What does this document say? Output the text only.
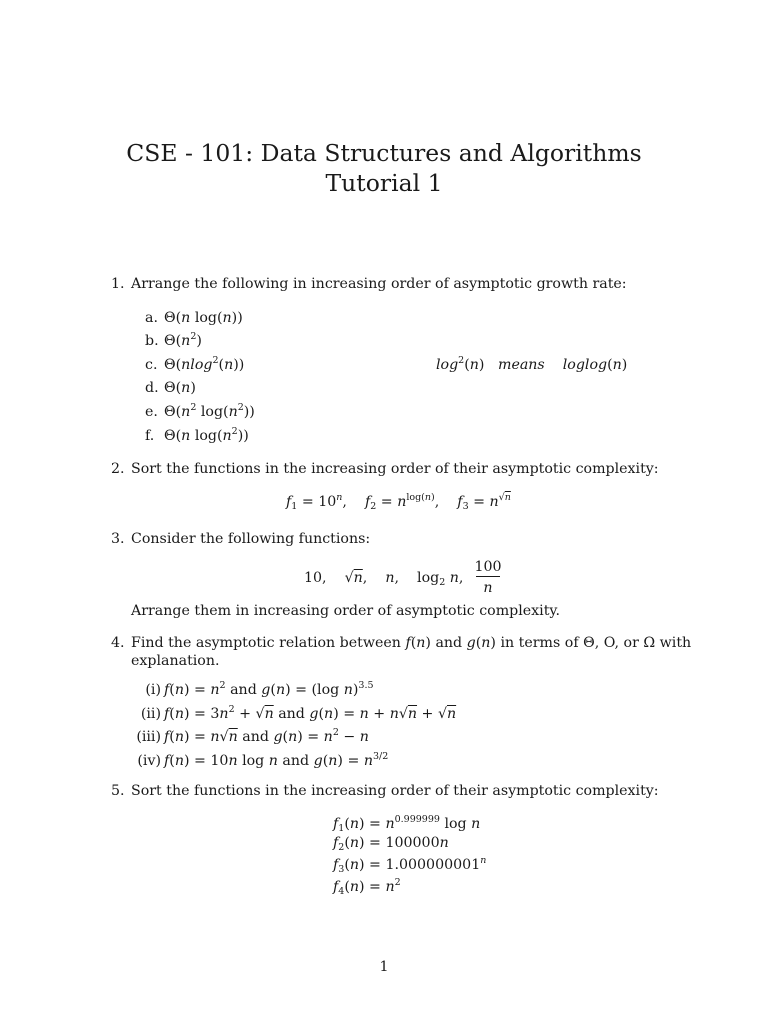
CSE - 101: Data Structures and Algorithms
Tutorial 1
1. Arrange the following in increasing order of asymptotic growth rate:
a. Θ(n log(n))
b. $\Theta(n^2)$
c. Θ(nlog$^2$(n))	$\log^2(n)$   means loglog(n)
d. Θ(n)
e. $\Theta(n^2$ $\log(n^2)$)
f. Θ(n $\log(n^2)$)
2. Sort the functions in the increasing order of their asymptotic complexity:
$f_1 = 10^n$,    $f_2 = n^{log(n)}$,    $f_3 = n^{√n}$
3. Consider the following functions:
10,    √n,    n,    $\log_2 n$,
100
n
Arrange them in increasing order of asymptotic complexity.
4. Find the asymptotic relation between f(n) and g(n) in terms of Θ, O, or Ω with
explanation.
(i) $f(n) = n^2$ and g(n) = (log n)$^{3.5}$
(ii) $f(n) = 3n^2 + √n$ and g(n) = n + n√n + √n
(iii) f(n) = n√n and $g(n) = n^2 - n$
(iv) f(n) = 10n log n and $g(n) = n^{3/2}$
5. Sort the functions in the increasing order of their asymptotic complexity:
$f_1(n) = n^{0.999999}$ log n
$f_2(n) = 100000n$
$f_3(n) = 1.000000001^n$
$f_4(n) = n^2$
1
